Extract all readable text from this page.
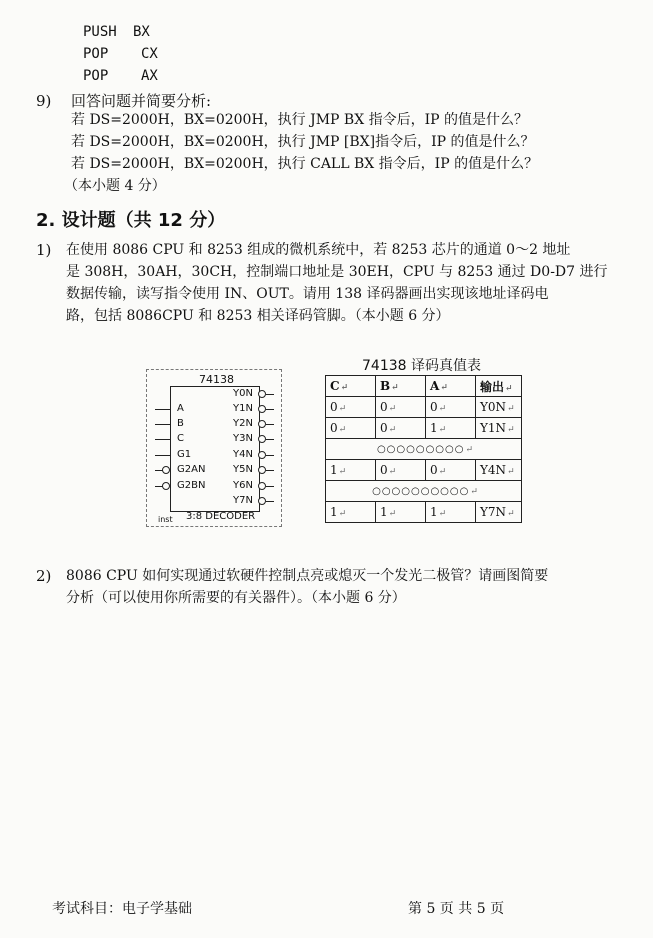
PUSH BX
POP CX
POP AX
9) 回答问题并简要分析:
若 DS=2000H，BX=0200H，执行 JMP BX 指令后，IP 的值是什么？
若 DS=2000H，BX=0200H，执行 JMP [BX]指令后，IP 的值是什么？
若 DS=2000H，BX=0200H，执行 CALL BX 指令后，IP 的值是什么？
（本小题 4 分）
2. 设计题（共 12 分）
1) 在使用 8086 CPU 和 8253 组成的微机系统中，若 8253 芯片的通道 0～2 地址
是 308H，30AH，30CH，控制端口地址是 30EH，CPU 与 8253 通过 D0-D7 进行
数据传输，读写指令使用 IN、OUT。请用 138 译码器画出实现该地址译码电
路，包括 8086CPU 和 8253 相关译码管脚。（本小题 6 分）
74138
A
B
C
G1
G2AN
G2BN
Y0N
Y1N
Y2N
Y3N
Y4N
Y5N
Y6N
Y7N
3:8 DECODER
inst
74138 译码真值表
C↵	B↵	A↵	输出↵
0↵	0↵	0↵	Y0N↵
0↵	0↵	1↵	Y1N↵
○○○○○○○○○↵			
1↵	0↵	0↵	Y4N↵
○○○○○○○○○○↵			
1↵	1↵	1↵	Y7N↵
2) 8086 CPU 如何实现通过软硬件控制点亮或熄灭一个发光二极管？请画图简要
分析（可以使用你所需要的有关器件）。（本小题 6 分）
考试科目：电子学基础	第 5 页 共 5 页
